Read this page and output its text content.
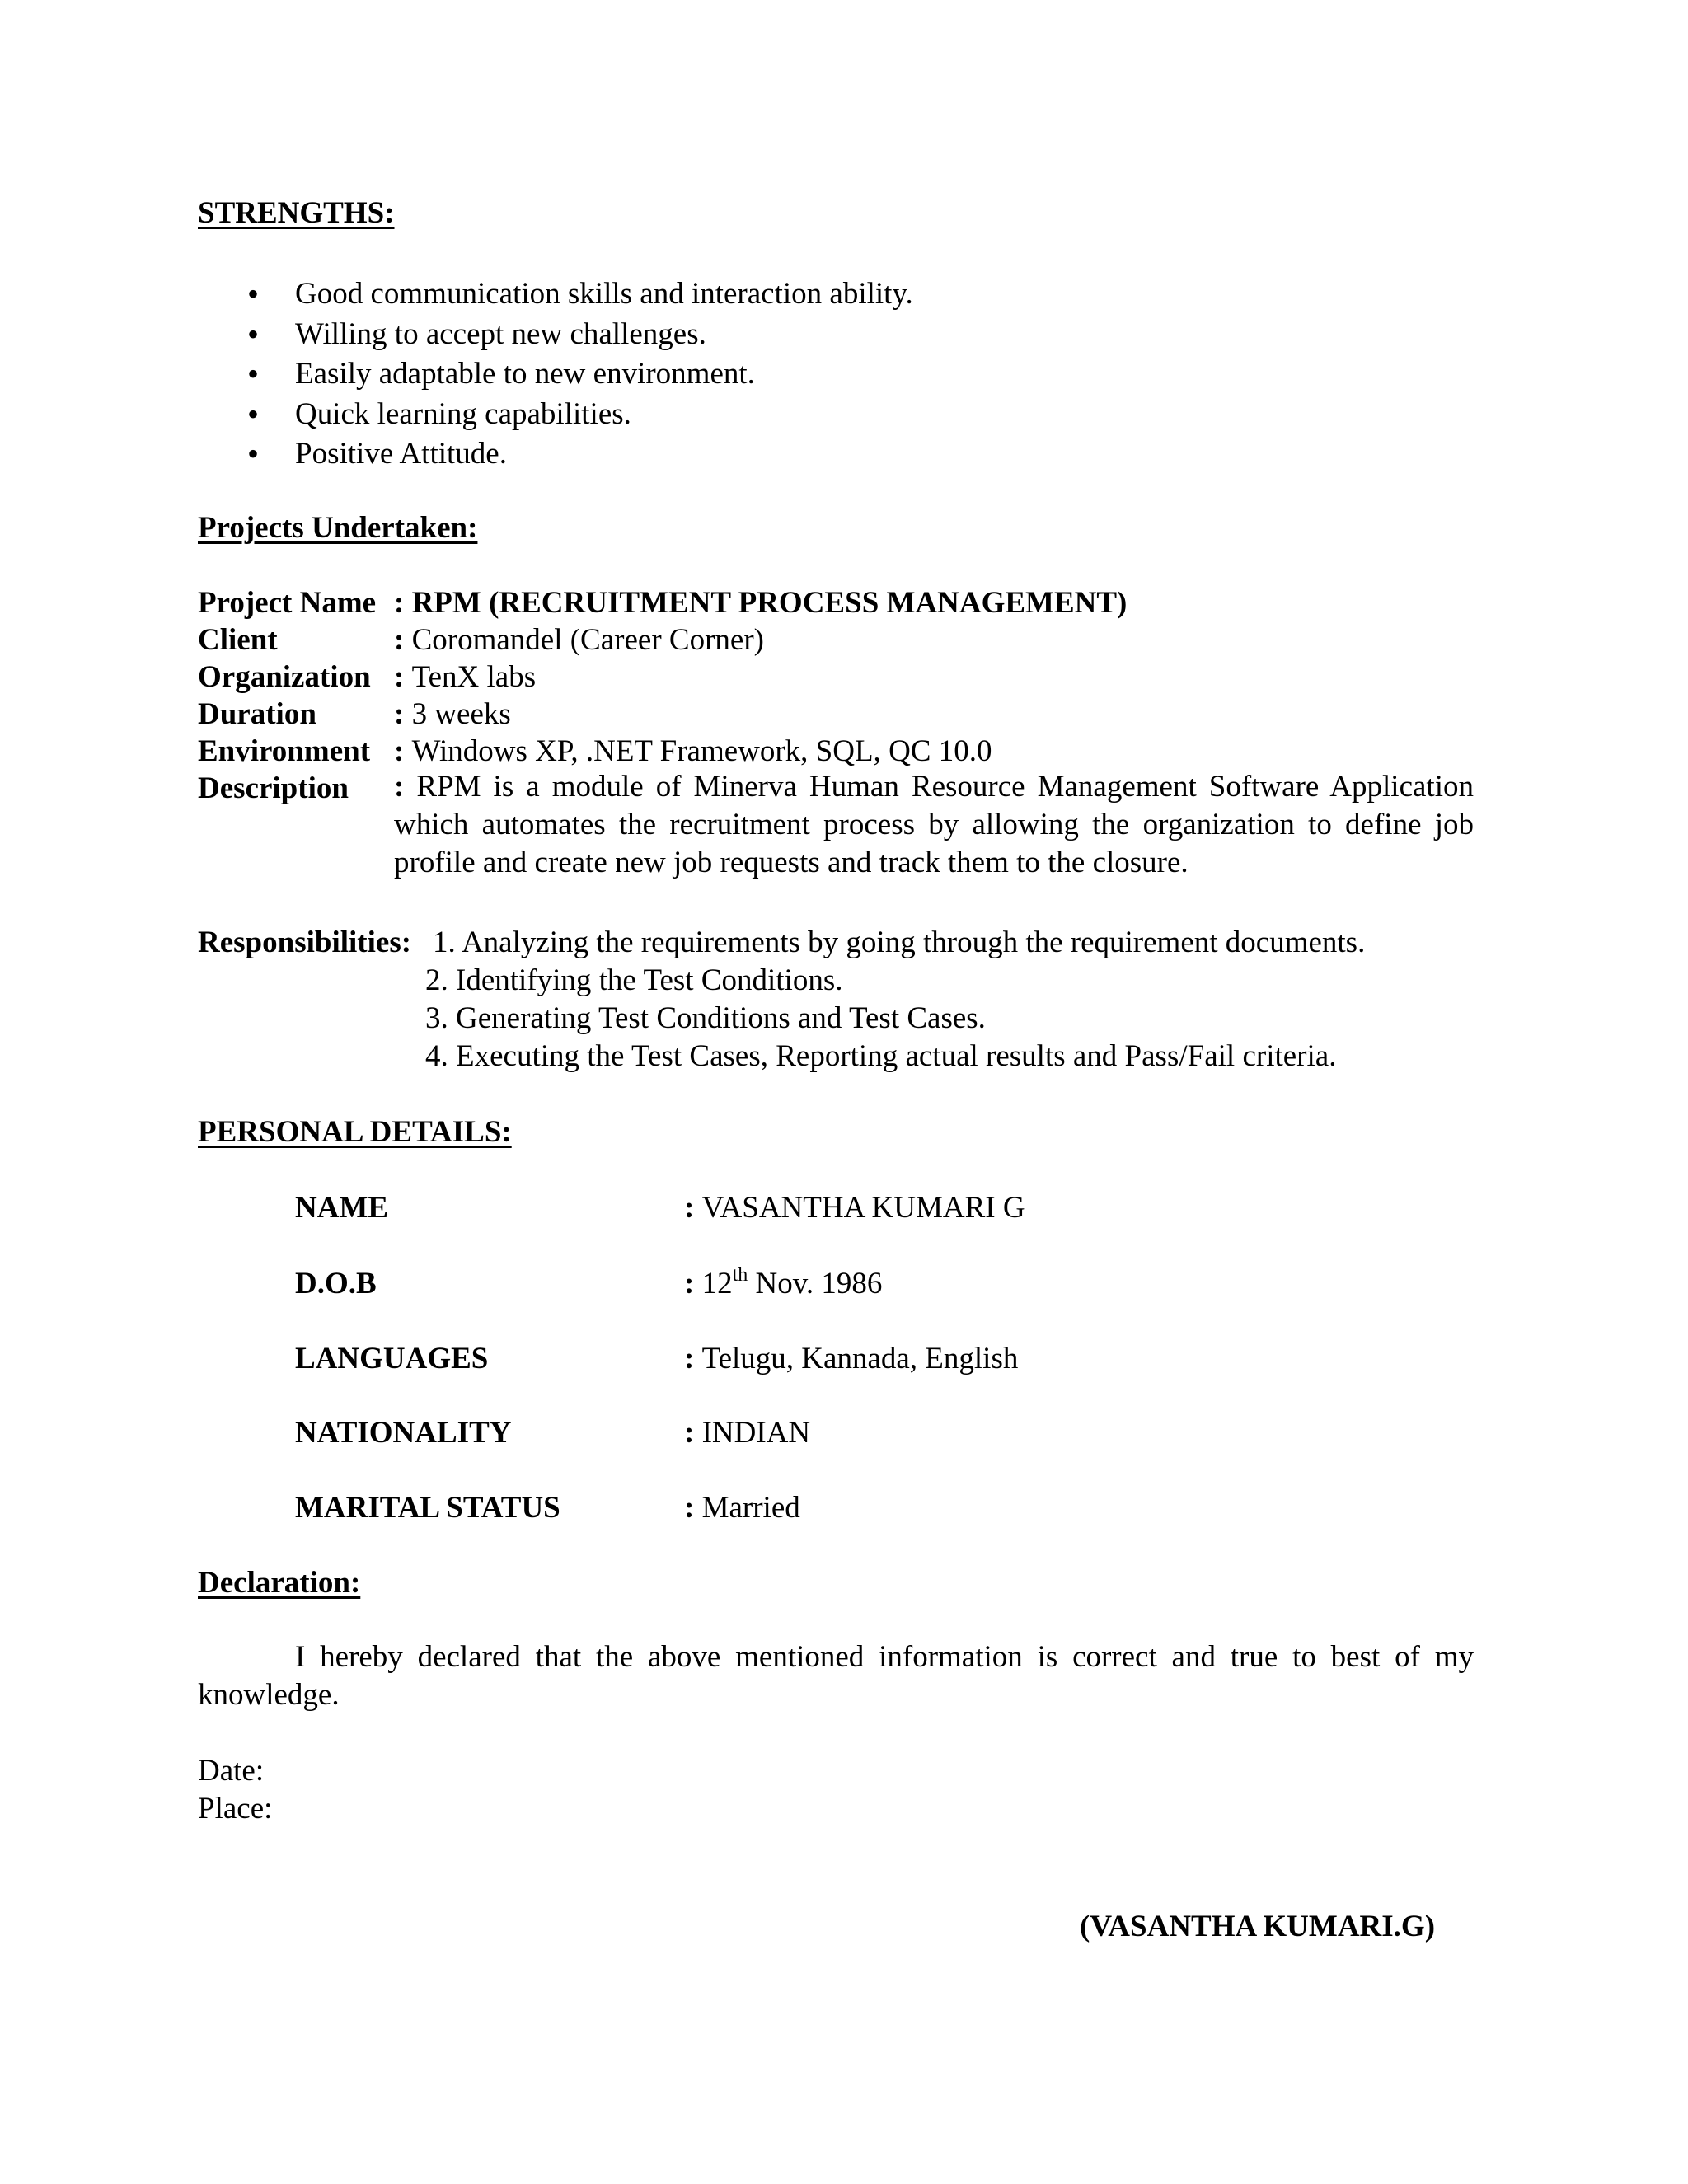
STRENGTHS:
• Good communication skills and interaction ability.
• Willing to accept new challenges.
• Easily adaptable to new environment.
• Quick learning capabilities.
• Positive Attitude.
Projects Undertaken:
Project Name : RPM (RECRUITMENT PROCESS MANAGEMENT)
Client	: Coromandel (Career Corner)
Organization : TenX labs
Duration	: 3 weeks
Environment : Windows XP, .NET Framework, SQL, QC 10.0
Description : RPM is a module of Minerva Human Resource Management Software Application which automates the recruitment process by allowing the organization to define job profile and create new job requests and track them to the closure.
Responsibilities: 1. Analyzing the requirements by going through the requirement documents.
2. Identifying the Test Conditions.
3. Generating Test Conditions and Test Cases.
4. Executing the Test Cases, Reporting actual results and Pass/Fail criteria.
PERSONAL DETAILS:
NAME	: VASANTHA KUMARI G
D.O.B	: 12th Nov. 1986
LANGUAGES	: Telugu, Kannada, English
NATIONALITY	: INDIAN
MARITAL STATUS	: Married
Declaration:
I hereby declared that the above mentioned information is correct and true to best of my knowledge.
Date:
Place:
(VASANTHA KUMARI.G)
